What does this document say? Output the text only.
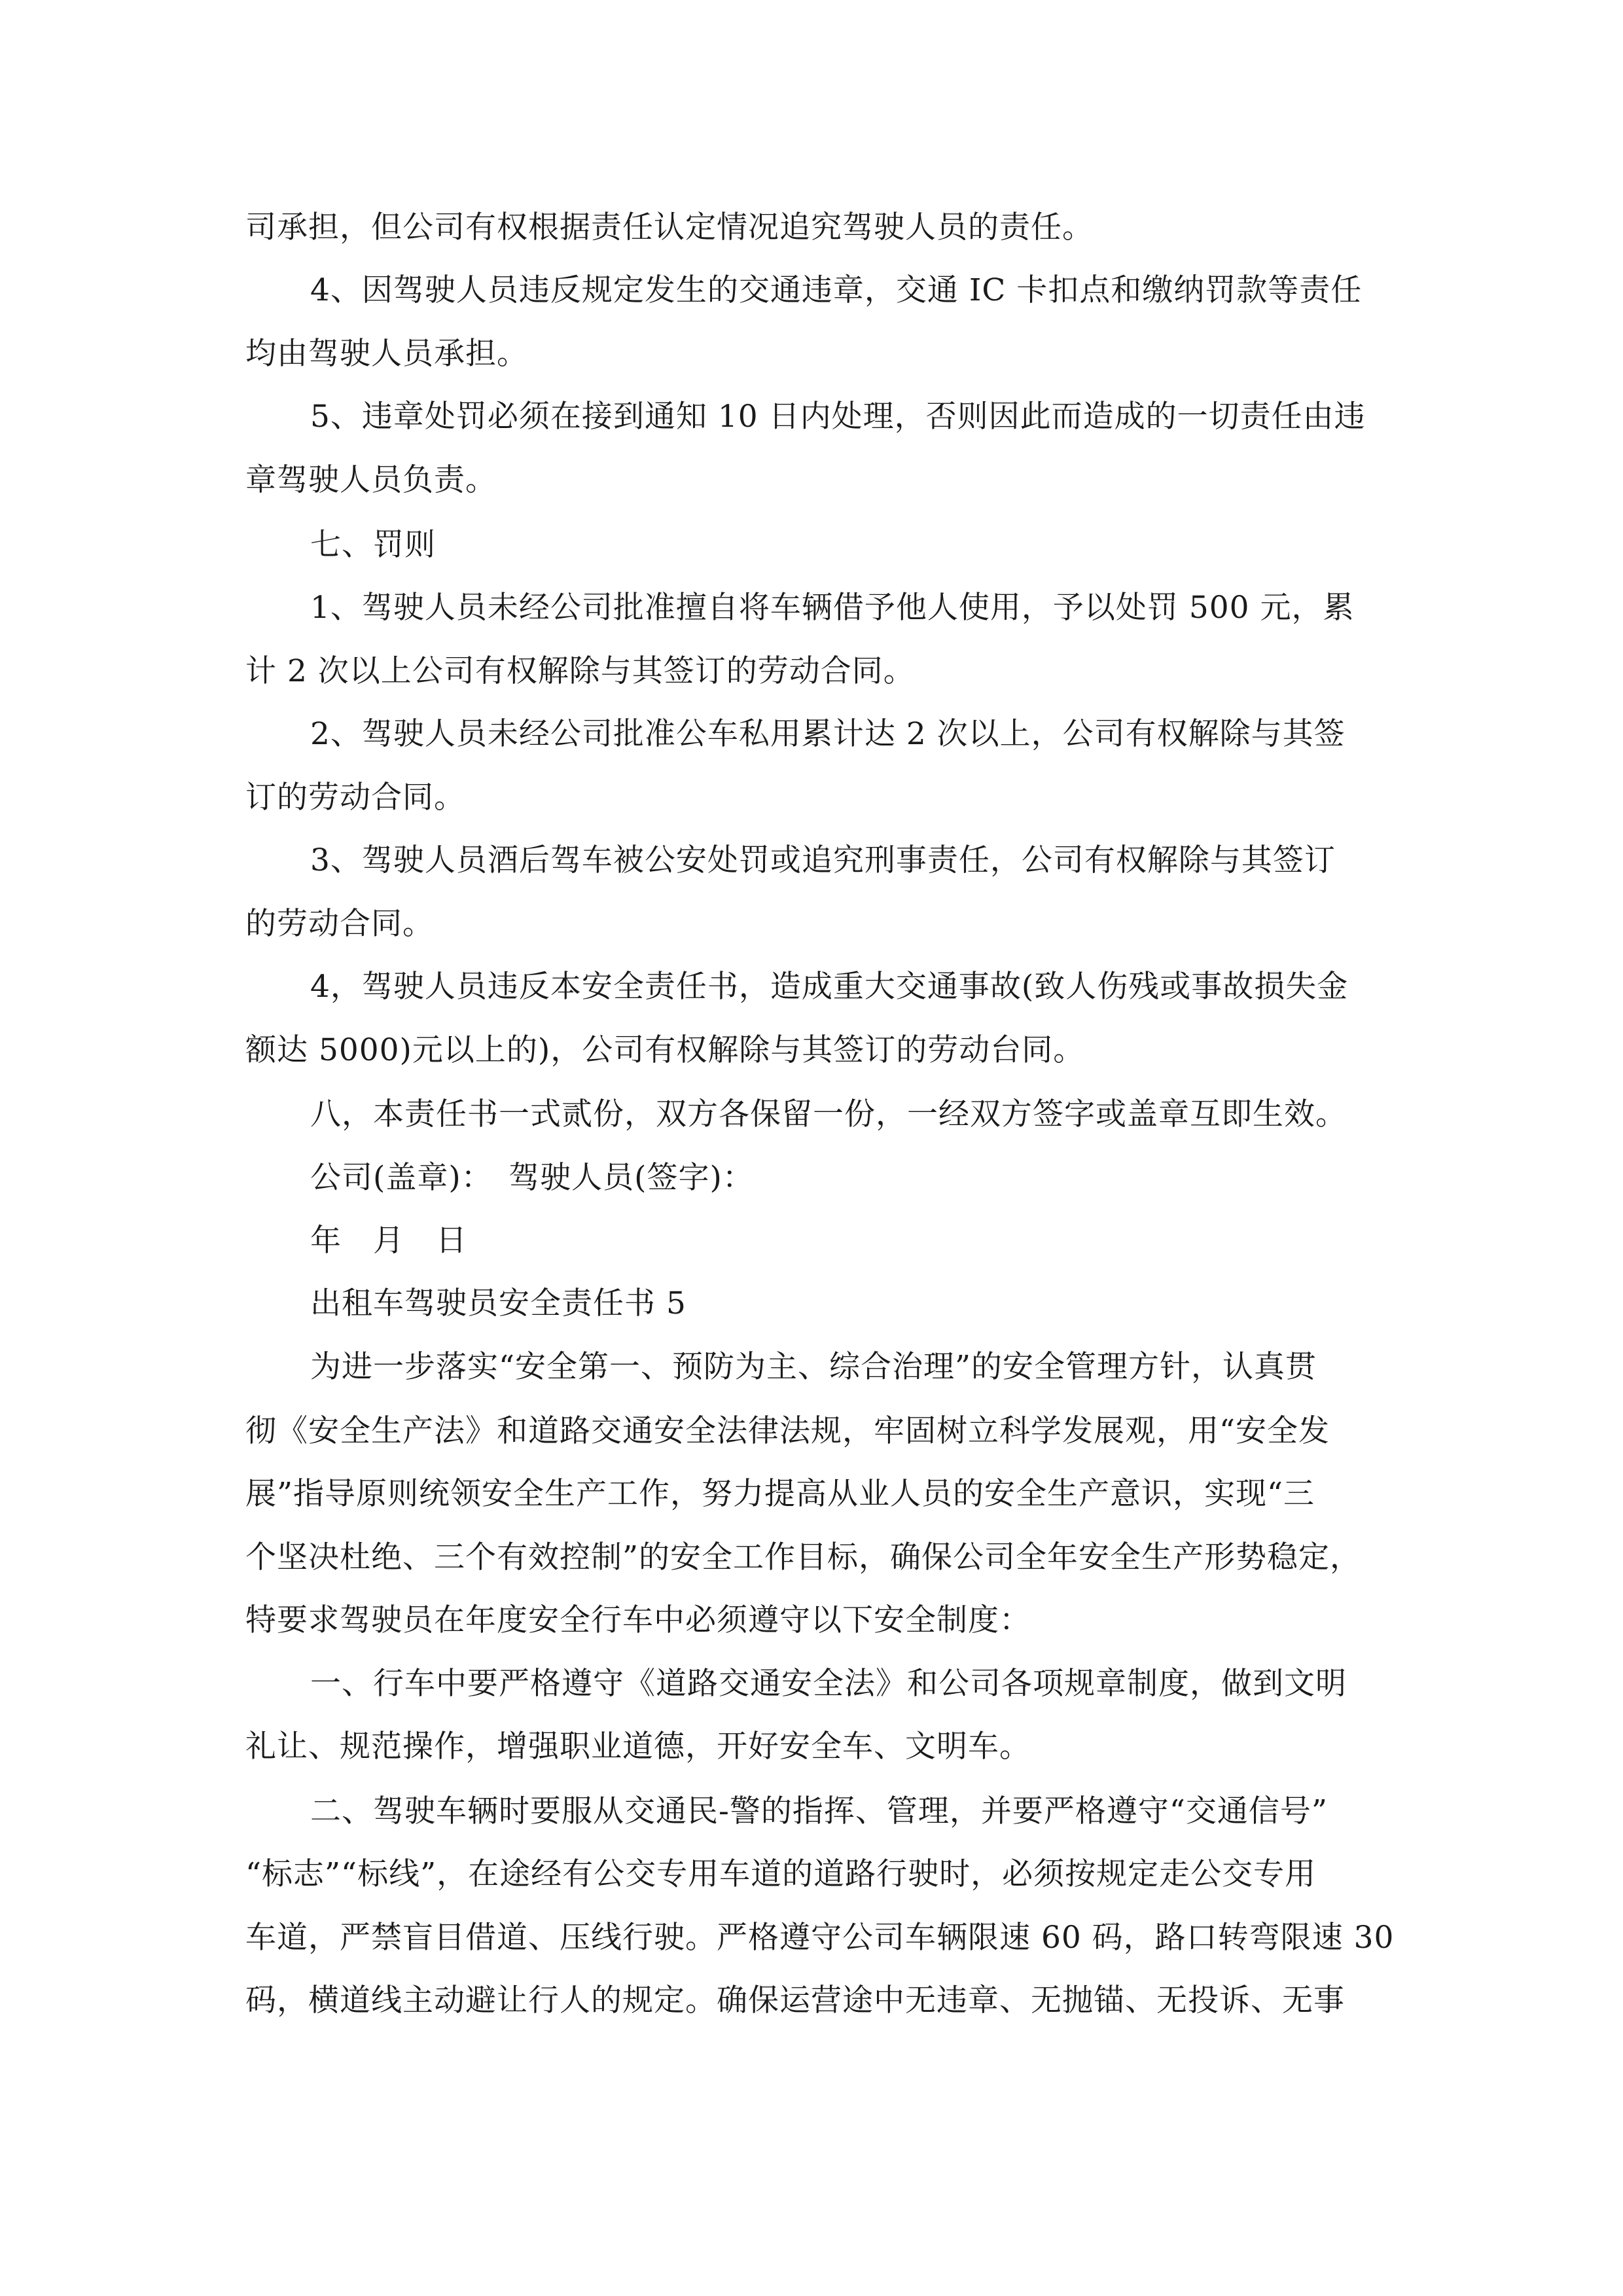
司承担，但公司有权根据责任认定情况追究驾驶人员的责任。
4、因驾驶人员违反规定发生的交通违章，交通 IC 卡扣点和缴纳罚款等责任
均由驾驶人员承担。
5、违章处罚必须在接到通知 10 日内处理，否则因此而造成的一切责任由违
章驾驶人员负责。
七、罚则
1、驾驶人员未经公司批准擅自将车辆借予他人使用，予以处罚 500 元，累
计 2 次以上公司有权解除与其签订的劳动合同。
2、驾驶人员未经公司批准公车私用累计达 2 次以上，公司有权解除与其签
订的劳动合同。
3、驾驶人员酒后驾车被公安处罚或追究刑事责任，公司有权解除与其签订
的劳动合同。
4，驾驶人员违反本安全责任书，造成重大交通事故(致人伤残或事故损失金
额达 5000)元以上的)，公司有权解除与其签订的劳动台同。
八，本责任书一式贰份，双方各保留一份，一经双方签字或盖章互即生效。
公司(盖章)：　驾驶人员(签字)：
年　月　日
出租车驾驶员安全责任书 5
为进一步落实“安全第一、预防为主、综合治理”的安全管理方针，认真贯
彻《安全生产法》和道路交通安全法律法规，牢固树立科学发展观，用“安全发
展”指导原则统领安全生产工作，努力提高从业人员的安全生产意识，实现“三
个坚决杜绝、三个有效控制”的安全工作目标，确保公司全年安全生产形势稳定，
特要求驾驶员在年度安全行车中必须遵守以下安全制度：
一、行车中要严格遵守《道路交通安全法》和公司各项规章制度，做到文明
礼让、规范操作，增强职业道德，开好安全车、文明车。
二、驾驶车辆时要服从交通民-警的指挥、管理，并要严格遵守“交通信号”
“标志”“标线”，在途经有公交专用车道的道路行驶时，必须按规定走公交专用
车道，严禁盲目借道、压线行驶。严格遵守公司车辆限速 60 码，路口转弯限速 30
码，横道线主动避让行人的规定。确保运营途中无违章、无抛锚、无投诉、无事
